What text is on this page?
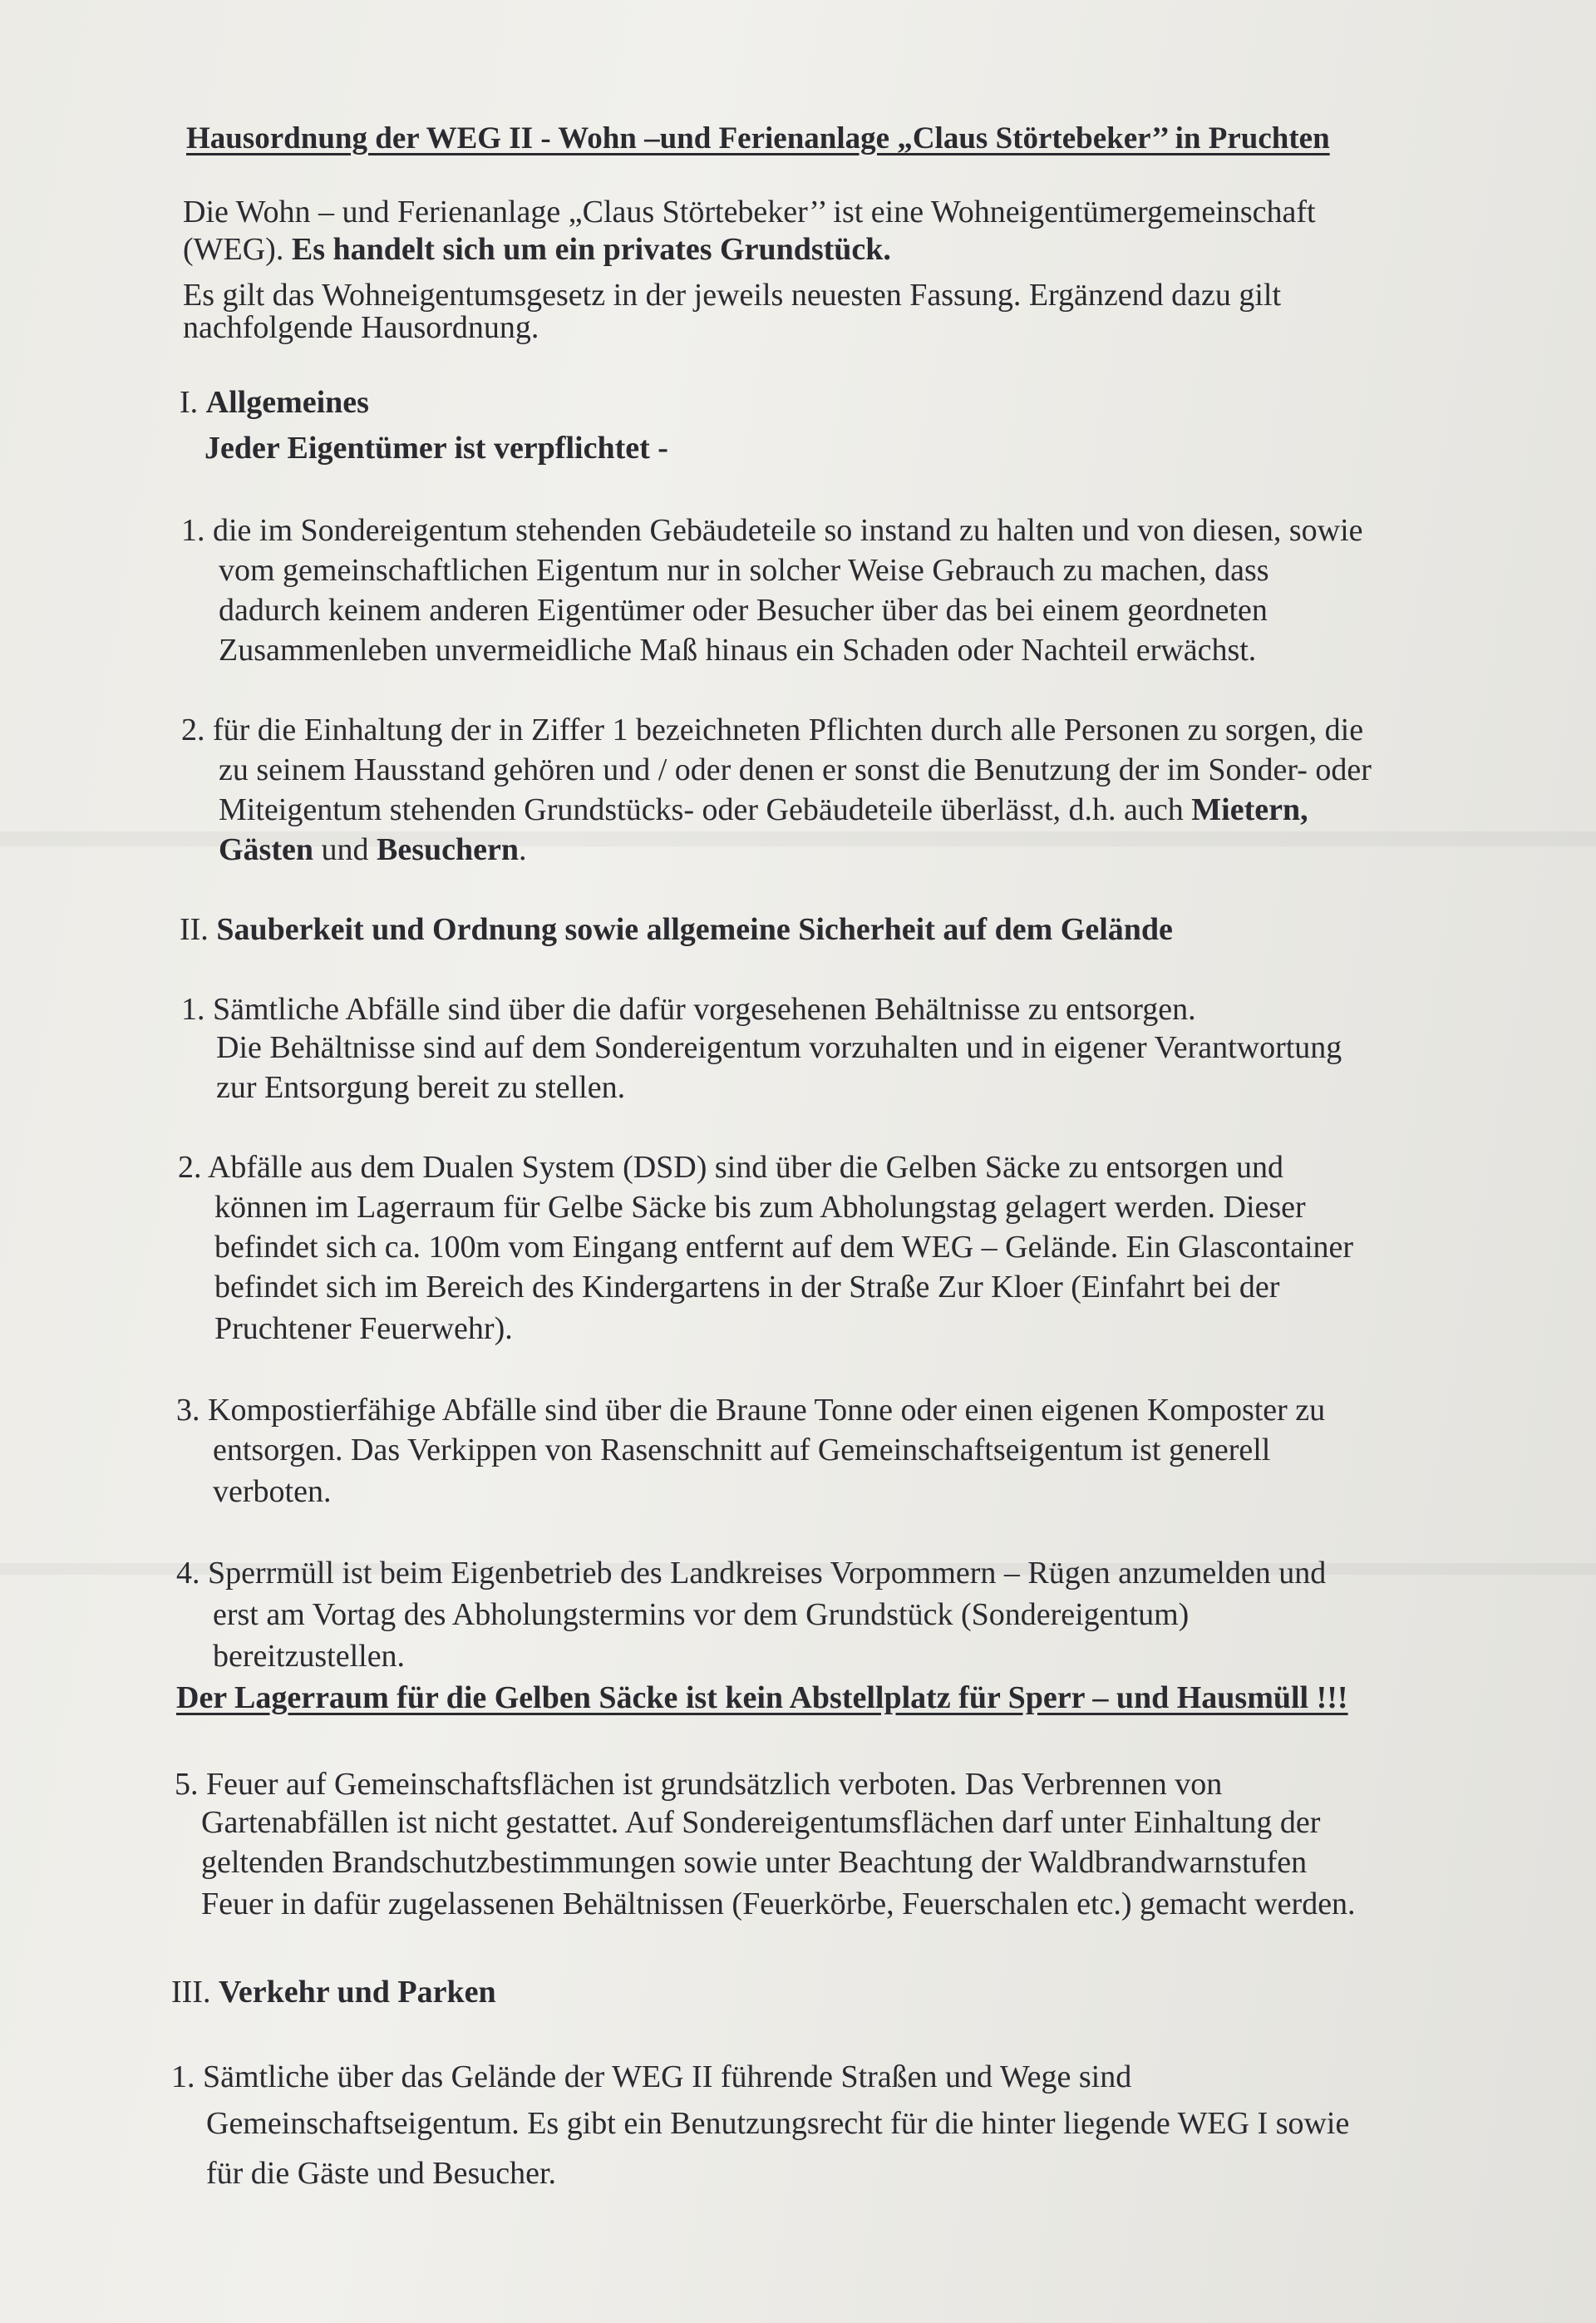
Hausordnung der WEG II - Wohn –und Ferienanlage „Claus Störtebeker’’ in Pruchten
Die Wohn – und Ferienanlage „Claus Störtebeker’’ ist eine Wohneigentümergemeinschaft
(WEG). Es handelt sich um ein privates Grundstück.
Es gilt das Wohneigentumsgesetz in der jeweils neuesten Fassung. Ergänzend dazu gilt
nachfolgende Hausordnung.
I. Allgemeines
Jeder Eigentümer ist verpflichtet -
1. die im Sondereigentum stehenden Gebäudeteile so instand zu halten und von diesen, sowie
vom gemeinschaftlichen Eigentum nur in solcher Weise Gebrauch zu machen, dass
dadurch keinem anderen Eigentümer oder Besucher über das bei einem geordneten
Zusammenleben unvermeidliche Maß hinaus ein Schaden oder Nachteil erwächst.
2. für die Einhaltung der in Ziffer 1 bezeichneten Pflichten durch alle Personen zu sorgen, die
zu seinem Hausstand gehören und / oder denen er sonst die Benutzung der im Sonder- oder
Miteigentum stehenden Grundstücks- oder Gebäudeteile überlässt, d.h. auch Mietern,
Gästen und Besuchern.
II. Sauberkeit und Ordnung sowie allgemeine Sicherheit auf dem Gelände
1. Sämtliche Abfälle sind über die dafür vorgesehenen Behältnisse zu entsorgen.
Die Behältnisse sind auf dem Sondereigentum vorzuhalten und in eigener Verantwortung
zur Entsorgung bereit zu stellen.
2. Abfälle aus dem Dualen System (DSD) sind über die Gelben Säcke zu entsorgen und
können im Lagerraum für Gelbe Säcke bis zum Abholungstag gelagert werden. Dieser
befindet sich ca. 100m vom Eingang entfernt auf dem WEG – Gelände. Ein Glascontainer
befindet sich im Bereich des Kindergartens in der Straße Zur Kloer (Einfahrt bei der
Pruchtener Feuerwehr).
3. Kompostierfähige Abfälle sind über die Braune Tonne oder einen eigenen Komposter zu
entsorgen. Das Verkippen von Rasenschnitt auf Gemeinschaftseigentum ist generell
verboten.
4. Sperrmüll ist beim Eigenbetrieb des Landkreises Vorpommern – Rügen anzumelden und
erst am Vortag des Abholungstermins vor dem Grundstück (Sondereigentum)
bereitzustellen.
Der Lagerraum für die Gelben Säcke ist kein Abstellplatz für Sperr – und Hausmüll !!!
5. Feuer auf Gemeinschaftsflächen ist grundsätzlich verboten. Das Verbrennen von
Gartenabfällen ist nicht gestattet. Auf Sondereigentumsflächen darf unter Einhaltung der
geltenden Brandschutzbestimmungen sowie unter Beachtung der Waldbrandwarnstufen
Feuer in dafür zugelassenen Behältnissen (Feuerkörbe, Feuerschalen etc.) gemacht werden.
III. Verkehr und Parken
1. Sämtliche über das Gelände der WEG II führende Straßen und Wege sind
Gemeinschaftseigentum. Es gibt ein Benutzungsrecht für die hinter liegende WEG I sowie
für die Gäste und Besucher.
